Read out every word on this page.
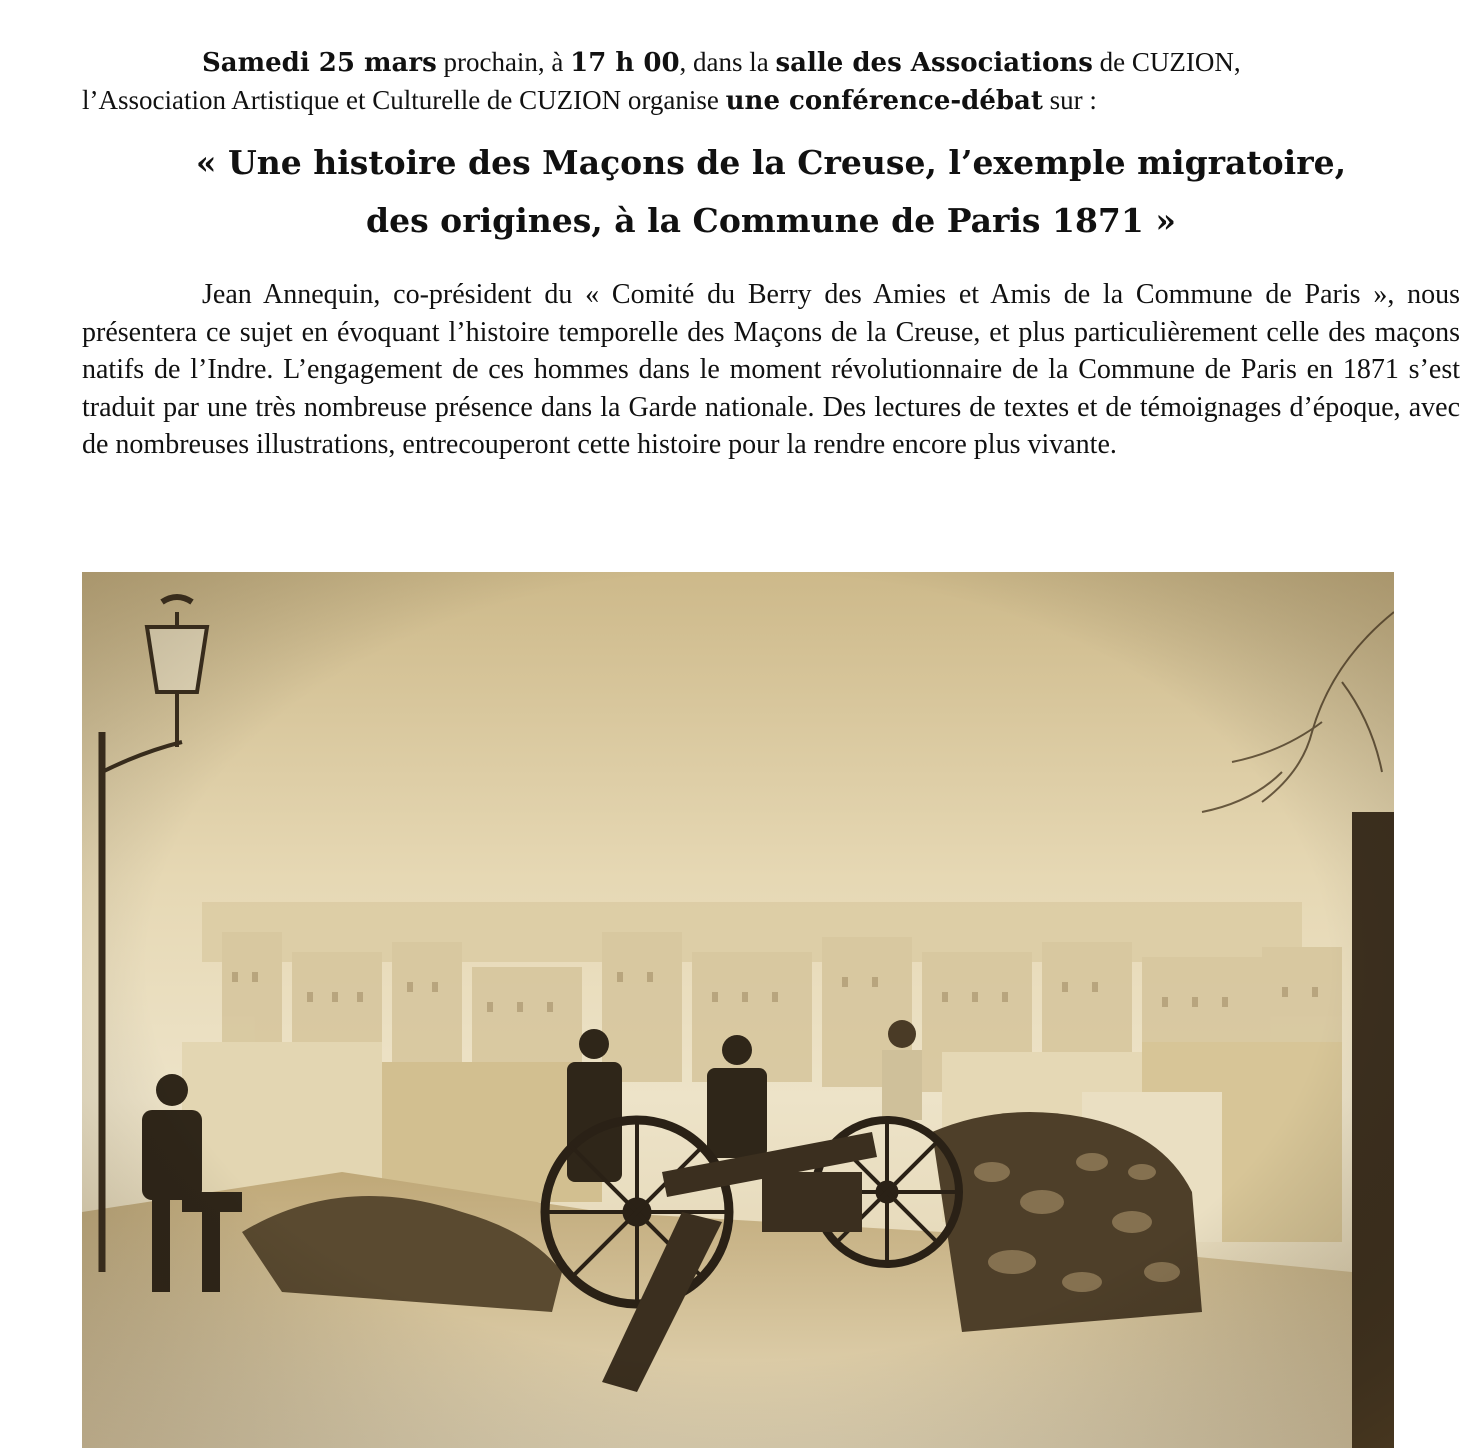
Samedi 25 mars prochain, à 17 h 00, dans la salle des Associations de CUZION,
l’Association Artistique et Culturelle de CUZION organise une conférence-débat sur :
« Une histoire des Maçons de la Creuse, l’exemple migratoire,
des origines, à la Commune de Paris 1871 »

Jean Annequin, co-président du « Comité du Berry des Amies et Amis de la Commune de Paris », nous présentera ce sujet en évoquant l’histoire temporelle des Maçons de la Creuse, et plus particulièrement celle des maçons natifs de l’Indre. L’engagement de ces hommes dans le moment révolutionnaire de la Commune de Paris en 1871 s’est traduit par une très nombreuse présence dans la Garde nationale. Des lectures de textes et de témoignages d’époque, avec de nombreuses illustrations, entrecouperont cette histoire pour la rendre encore plus vivante.
